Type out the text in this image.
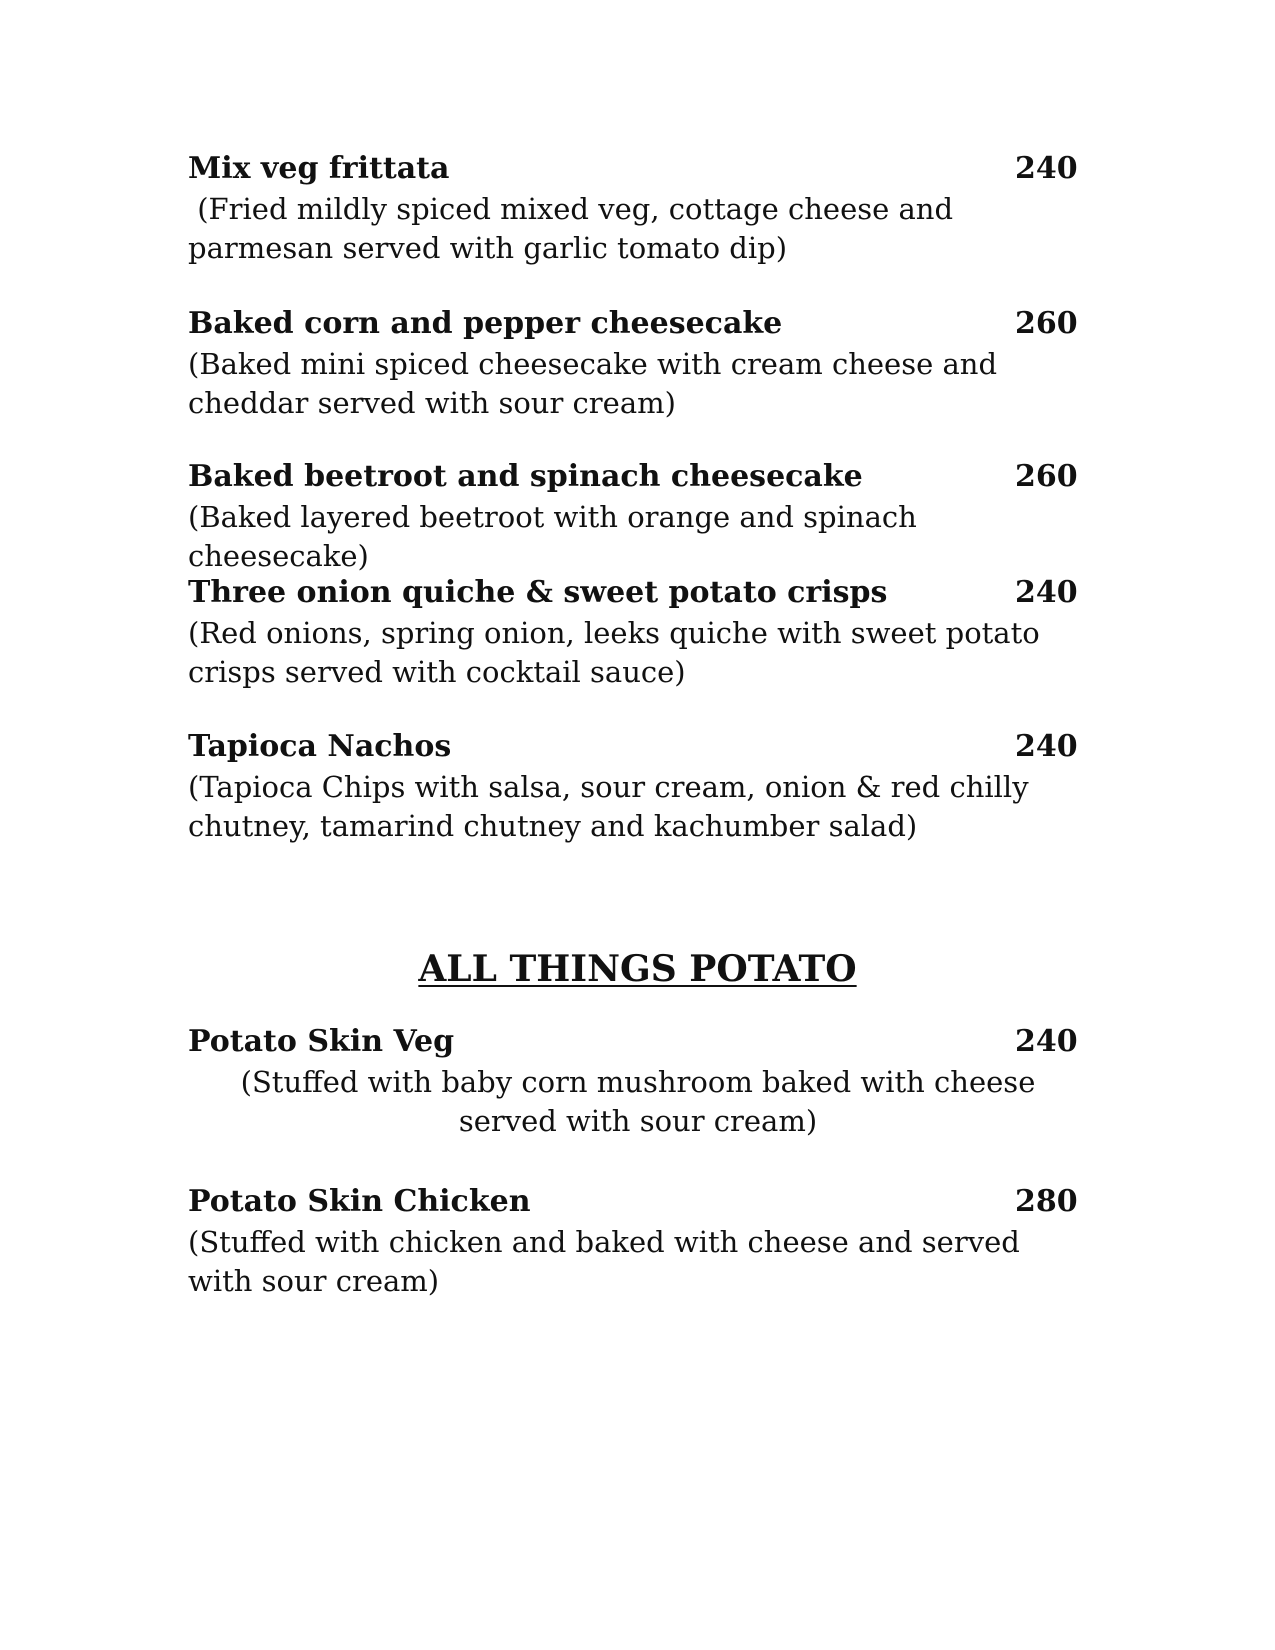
Mix veg frittata	240
(Fried mildly spiced mixed veg, cottage cheese and parmesan served with garlic tomato dip)
Baked corn and pepper cheesecake	260
(Baked mini spiced cheesecake with cream cheese and cheddar served with sour cream)
Baked beetroot and spinach cheesecake	260
(Baked layered beetroot with orange and spinach cheesecake)
Three onion quiche & sweet potato crisps	240
(Red onions, spring onion, leeks quiche with sweet potato crisps served with cocktail sauce)
Tapioca Nachos	240
(Tapioca Chips with salsa, sour cream, onion & red chilly chutney, tamarind chutney and kachumber salad)
ALL THINGS POTATO
Potato Skin Veg	240
(Stuffed with baby corn mushroom baked with cheese served with sour cream)
Potato Skin Chicken	280
(Stuffed with chicken and baked with cheese and served with sour cream)
